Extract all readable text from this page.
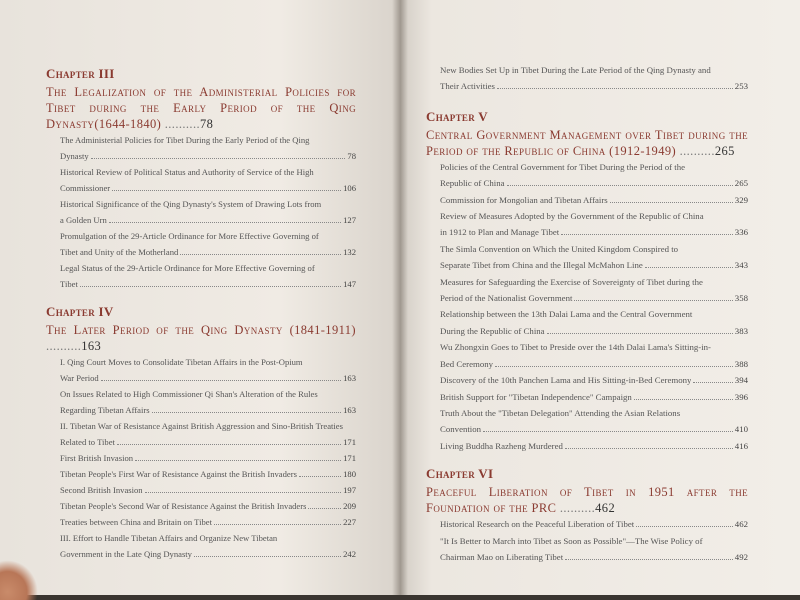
Chapter III
The Legalization of the Administerial Policies for Tibet during the Early Period of the Qing Dynasty(1644-1840) ..........78
The Administerial Policies for Tibet During the Early Period of the Qing
Dynasty	78
Historical Review of Political Status and Authority of Service of the High
Commissioner	106
Historical Significance of the Qing Dynasty's System of Drawing Lots from
a Golden Urn	127
Promulgation of the 29-Article Ordinance for More Effective Governing of
Tibet and Unity of the Motherland	132
Legal Status of the 29-Article Ordinance for More Effective Governing of
Tibet	147
Chapter IV
The Later Period of the Qing Dynasty (1841-1911) ..........163
I. Qing Court Moves to Consolidate Tibetan Affairs in the Post-Opium
War Period	163
On Issues Related to High Commissioner Qi Shan's Alteration of the Rules
Regarding Tibetan Affairs	163
II. Tibetan War of Resistance Against British Aggression and Sino-British Treaties
Related to Tibet	171
First British Invasion	171
Tibetan People's First War of Resistance Against the British Invaders	180
Second British Invasion	197
Tibetan People's Second War of Resistance Against the British Invaders	209
Treaties between China and Britain on Tibet	227
III. Effort to Handle Tibetan Affairs and Organize New Tibetan
Government in the Late Qing Dynasty	242
New Bodies Set Up in Tibet During the Late Period of the Qing Dynasty and
Their Activities	253
Chapter V
Central Government Management over Tibet during the Period of the Republic of China (1912-1949) ..........265
Policies of the Central Government for Tibet During the Period of the
Republic of China	265
Commission for Mongolian and Tibetan Affairs	329
Review of Measures Adopted by the Government of the Republic of China
in 1912 to Plan and Manage Tibet	336
The Simla Convention on Which the United Kingdom Conspired to
Separate Tibet from China and the Illegal McMahon Line	343
Measures for Safeguarding the Exercise of Sovereignty of Tibet during the
Period of the Nationalist Government	358
Relationship between the 13th Dalai Lama and the Central Government
During the Republic of China	383
Wu Zhongxin Goes to Tibet to Preside over the 14th Dalai Lama's Sitting-in-
Bed Ceremony	388
Discovery of the 10th Panchen Lama and His Sitting-in-Bed Ceremony	394
British Support for "Tibetan Independence" Campaign	396
Truth About the "Tibetan Delegation" Attending the Asian Relations
Convention	410
Living Buddha Razheng Murdered	416
Chapter VI
Peaceful Liberation of Tibet in 1951 after the Foundation of the PRC ..........462
Historical Research on the Peaceful Liberation of Tibet	462
"It Is Better to March into Tibet as Soon as Possible"—The Wise Policy of
Chairman Mao on Liberating Tibet	492
